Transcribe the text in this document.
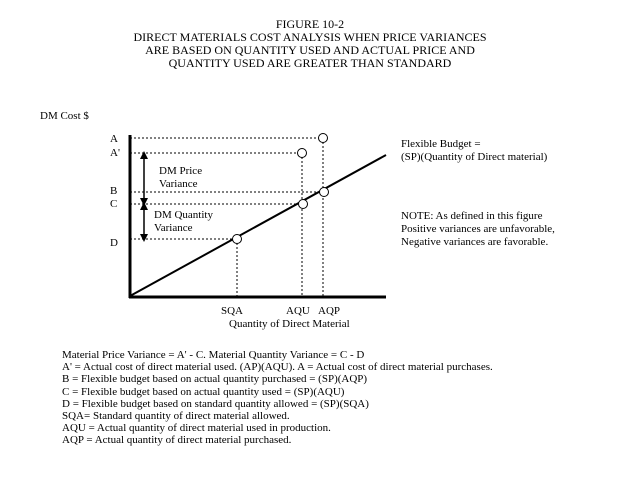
FIGURE 10-2
DIRECT MATERIALS COST ANALYSIS WHEN PRICE VARIANCES
ARE BASED ON QUANTITY USED AND ACTUAL PRICE AND
QUANTITY USED ARE GREATER THAN STANDARD
DM Cost $
A
A'
B
C
D
SQA	AQU AQP
Quantity of Direct Material
DM Price
Variance
DM Quantity
Variance
Flexible Budget =
(SP)(Quantity of Direct material)
NOTE: As defined in this figure
Positive variances are unfavorable,
Negative variances are favorable.
Material Price Variance = A' - C. Material Quantity Variance = C - D
A' = Actual cost of direct material used. (AP)(AQU). A = Actual cost of direct material purchases.
B = Flexible budget based on actual quantity purchased = (SP)(AQP)
C = Flexible budget based on actual quantity used = (SP)(AQU)
D = Flexible budget based on standard quantity allowed = (SP)(SQA)
SQA= Standard quantity of direct material allowed.
AQU = Actual quantity of direct material used in production.
AQP = Actual quantity of direct material purchased.
